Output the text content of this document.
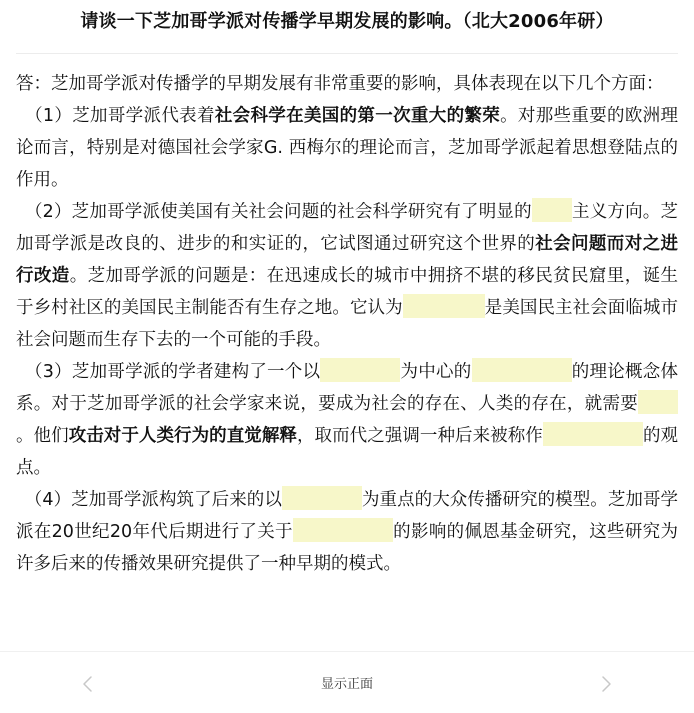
请谈一下芝加哥学派对传播学早期发展的影响。（北大2006年研）

答：芝加哥学派对传播学的早期发展有非常重要的影响，具体表现在以下几个方面：

 （1）芝加哥学派代表着社会科学在美国的第一次重大的繁荣。对那些重要的欧洲理论而言，特别是对德国社会学家G. 西梅尔的理论而言，芝加哥学派起着思想登陆点的作用。

 （2）芝加哥学派使美国有关社会问题的社会科学研究有了明显的 主义方向。芝加哥学派是改良的、进步的和实证的，它试图通过研究这个世界的社会问题而对之进行改造。芝加哥学派的问题是：在迅速成长的城市中拥挤不堪的移民贫民窟里，诞生于乡村社区的美国民主制能否有生存之地。它认为	是美国民主社会面临城市社会问题而生存下去的一个可能的手段。

 （3）芝加哥学派的学者建构了一个以	为中心的	的理论概念体系。对于芝加哥学派的社会学家来说，要成为社会的存在、人类的存在，就需要。他们攻击对于人类行为的直觉解释，取而代之强调一种后来被称作	的观点。

 （4）芝加哥学派构筑了后来的以	为重点的大众传播研究的模型。芝加哥学派在20世纪20年代后期进行了关于	的影响的佩恩基金研究，这些研究为许多后来的传播效果研究提供了一种早期的模式。

显示正面
